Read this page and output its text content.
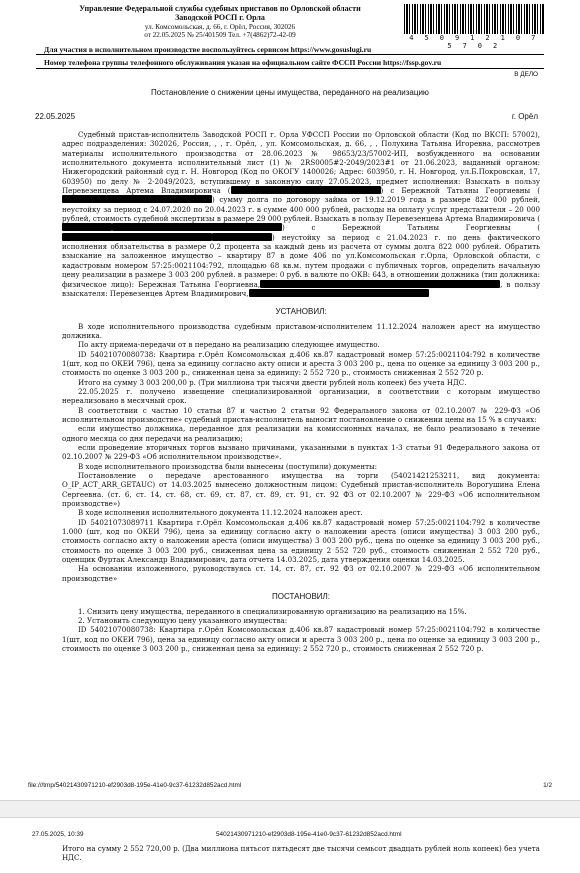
Управление Федеральной службы судебных приставов по Орловской области
Заводской РОСП г. Орла
ул. Комсомольская, д. 66, г. Орёл, Россия, 302026
от 22.05.2025 № 25/401509 Тел. +7(4862)72-42-09	4 5 0 9 1 2 1 0 7 5 7 0 2
Для участия в исполнительном производстве воспользуйтесь сервисом https://www.gosuslugi.ru
Номер телефона группы телефонного обслуживания указан на официальном сайте ФССП России https://fssp.gov.ru
В ДЕЛО
Постановление о снижении цены имущества, переданного на реализацию
22.05.2025	г. Орёл

Судебный пристав-исполнитель Заводской РОСП г. Орла УФССП России по Орловской области (Код по ВКСП: 57002), адрес подразделения: 302026, Россия, , , г. Орёл, , ул. Комсомольская, д. 66, , , Полухина Татьяна Игоревна, рассмотрев материалы исполнительного производства от 28.06.2023 № 98653/23/57002-ИП, возбужденного на основании исполнительного документа исполнительный лист (1) № 2RS0005#2-2049/2023#1 от 21.06.2023, выданный органом: Нижегородский районный суд г. Н. Новгород (Код по ОКОГУ 1400026; Адрес: 603950, г. Н. Новгород, ул.Б.Покровская, 17, 603950) по делу № 2-2049/2023, вступившему в законную силу 27.05.2023, предмет исполнения: Взыскать в пользу Перевезенцева Артема Владимировича (	) с Бережной Татьяны Георгиевны () сумму долга по договору займа от 19.12.2019 года в размере 822 000 рублей, неустойку за период с 24.07.2020 по 20.04.2023 г. в сумме 400 000 рублей, расходы на оплату услуг представителя – 20 000 рублей, стоимость судебной экспертизы в размере 29 000 рублей. Взыскать в пользу Перевезенцева Артема Владимировича () с Бережной Татьяны Георгиевны () неустойку за период с 21.04.2023 г. по день фактического исполнения обязательства в размере 0,2 процента за каждый день из расчета от суммы долга 822 000 рублей. Обратить взыскание на заложенное имущество – квартиру 87 в доме 406 по ул.Комсомольская г.Орла, Орловской области, с кадастровым номером 57:25:0021104:792, площадью 68 кв.м. путем продажи с публичных торгов, определить начальную цену реализации в размере 3 003 200 рублей. в размере: 0 руб. в валюте по ОКВ: 643, в отношении должника (тип должника: физическое лицо): Бережная Татьяна Георгиевна,	, в пользу взыскателя: Перевезенцев Артем Владимирович,

УСТАНОВИЛ:

В ходе исполнительного производства судебным приставом-исполнителем 11.12.2024 наложен арест на имущество должника.

По акту приема-передачи от в передано на реализацию следующее имущество.

ID 54021070080738: Квартира г.Орёл Комсомольская д.406 кв.87 кадастровый номер 57:25:0021104:792 в количестве 1(шт, код по ОКЕИ 796), цена за единицу согласно акту описи и ареста 3 003 200 р., цена по оценке за единицу 3 003 200 р., стоимость по оценке 3 003 200 р., сниженная цена за единицу: 2 552 720 р., стоимость сниженная 2 552 720 р.

Итого на сумму 3 003 200,00 р. (Три миллиона три тысячи двести рублей ноль копеек) без учета НДС.

22.05.2025 г. получено извещение специализированной организации, в соответствии с которым имущество нереализовано в месячный срок.

В соответствии с частью 10 статьи 87 и частью 2 статьи 92 Федерального закона от 02.10.2007 № 229-ФЗ «Об исполнительном производстве» судебный пристав-исполнитель выносит постановление о снижении цены на 15 % в случаях:

если имущество должника, переданное для реализации на комиссионных началах, не было реализовано в течение одного месяца со дня передачи на реализацию;

если проведение вторичных торгов вызвано причинами, указанными в пунктах 1-3 статьи 91 Федерального закона от 02.10.2007 № 229-ФЗ «Об исполнительном производстве».

В ходе исполнительного производства были вынесены (поступили) документы:

Постановление о передаче арестованного имущества на торги (54021421253211, вид документа: O_IP_ACT_ARR_GETAUC) от 14.03.2025 вынесено должностным лицом: Судебный пристав-исполнитель Ворогушина Елена Сергеевна. (ст. 6, ст. 14, ст. 68, ст. 69, ст. 87, ст. 89, ст. 91, ст. 92 ФЗ от 02.10.2007 № 229-ФЗ «Об исполнительном производстве»)

В ходе исполнения исполнительного документа 11.12.2024 наложен арест.

ID 54021073089711 Квартира г.Орёл Комсомольская д.406 кв.87 кадастровый номер 57:25:0021104:792 в количестве 1.000 (шт, код по ОКЕИ 796), цена за единицу согласно акту о наложении ареста (описи имущества) 3 003 200 руб., стоимость согласно акту о наложении ареста (описи имущества) 3 003 200 руб., цена по оценке за единицу 3 003 200 руб., стоимость по оценке 3 003 200 руб., сниженная цена за единицу 2 552 720 руб., стоимость сниженная 2 552 720 руб., оценщик Фуртак Александр Владимирович, дата отчета 14.03.2025, дата утверждения оценки 14.03.2025.

На основании изложенного, руководствуясь ст. 14, ст. 87, ст. 92 ФЗ от 02.10.2007 № 229-ФЗ «Об исполнительном производстве»

ПОСТАНОВИЛ:

1. Снизить цену имущества, переданного в специализированную организацию на реализацию на 15%.

2. Установить следующую цену указанного имущества:

ID 54021070080738: Квартира г.Орёл Комсомольская д.406 кв.87 кадастровый номер 57:25:0021104:792 в количестве 1(шт, код по ОКЕИ 796), цена за единицу согласно акту описи и ареста 3 003 200 р., цена по оценке за единицу 3 003 200 р., стоимость по оценке 3 003 200 р., сниженная цена за единицу: 2 552 720 р., стоимость сниженная 2 552 720 р.

file:///tmp/54021430971210-ef2903d8-195e-41e0-9c37-61232d852acd.html	1/2
27.05.2025, 10:39	54021430971210-ef2903d8-195e-41e0-9c37-61232d852acd.html
Итого на сумму 2 552 720,00 р. (Два миллиона пятьсот пятьдесят две тысячи семьсот двадцать рублей ноль копеек) без учета НДС.
